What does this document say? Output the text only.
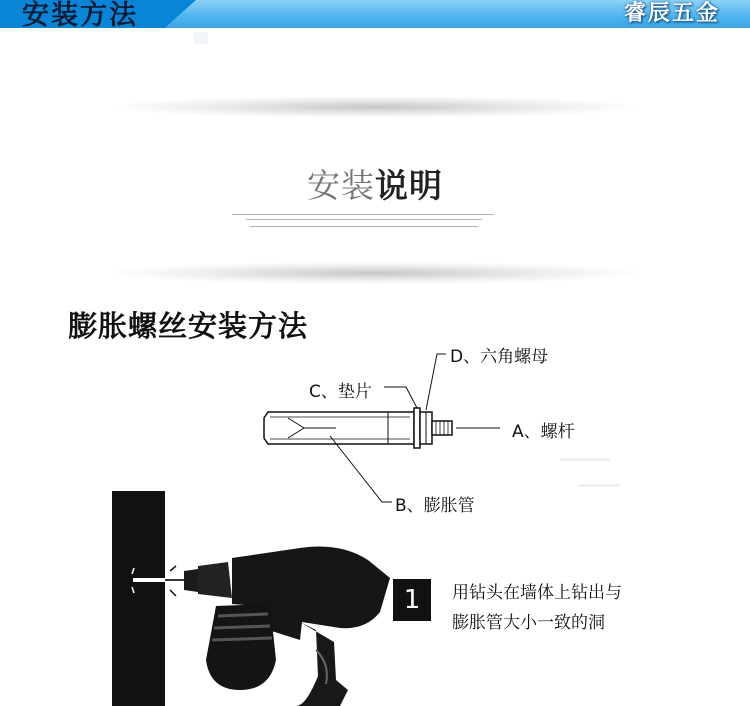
安装方法	睿辰五金
安装说明
膨胀螺丝安装方法
D、六角螺母
C、垫片
A、螺杆
B、膨胀管
1	用钻头在墙体上钻出与
膨胀管大小一致的洞
